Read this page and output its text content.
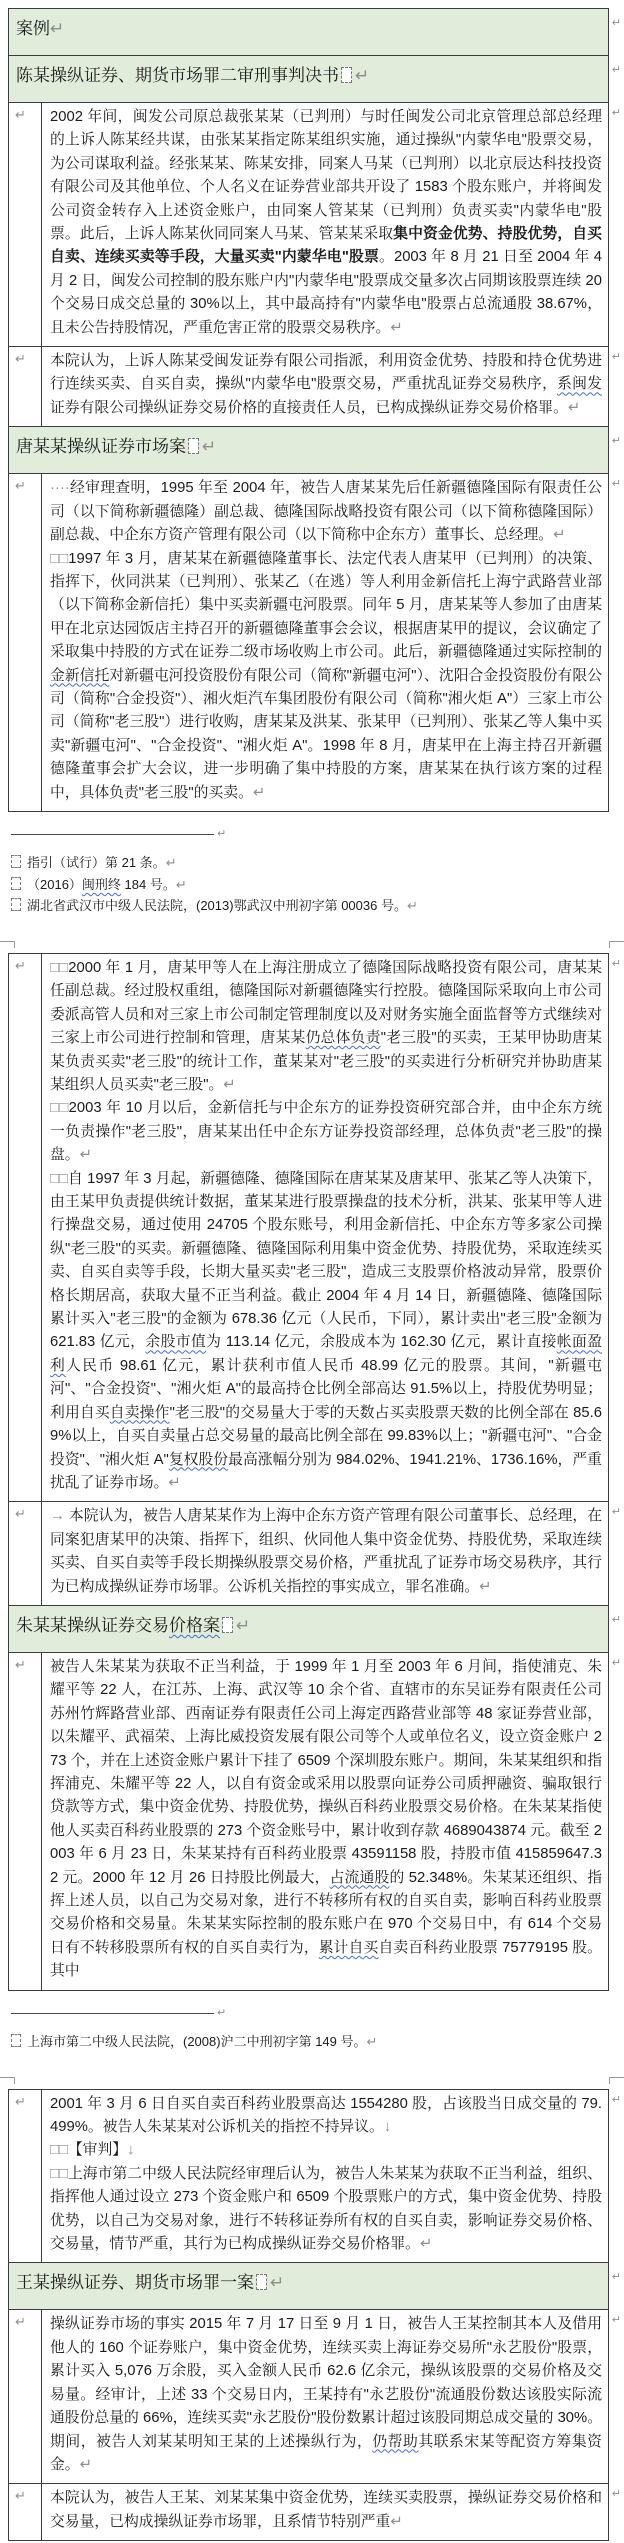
案例↵	↵
陈某操纵证券、期货市场罪二审刑事判决书 ↵	↵
↵	2002 年间，闽发公司原总裁张某某（已判刑）与时任闽发公司北京管理总部总经理的上诉人陈某经共谋，由张某某指定陈某组织实施，通过操纵"内蒙华电"股票交易，为公司谋取利益。经张某某、陈某安排，同案人马某（已判刑）以北京辰达科技投资有限公司及其他单位、个人名义在证券营业部共开设了 1583 个股东账户，并将闽发公司资金转存入上述资金账户，由同案人管某某（已判刑）负责买卖"内蒙华电"股票。此后，上诉人陈某伙同同案人马某、管某某采取集中资金优势、持股优势，自买自卖、连续买卖等手段，大量买卖"内蒙华电"股票。2003 年 8 月 21 日至 2004 年 4 月 2 日，闽发公司控制的股东账户内"内蒙华电"股票成交量多次占同期该股票连续 20 个交易日成交总量的 30%以上，其中最高持有"内蒙华电"股票占总流通股 38.67%，且未公告持股情况，严重危害正常的股票交易秩序。↵
↵
↵	本院认为，上诉人陈某受闽发证券有限公司指派，利用资金优势、持股和持仓优势进行连续买卖、自买自卖，操纵"内蒙华电"股票交易，严重扰乱证券交易秩序，系闽发证券有限公司操纵证券交易价格的直接责任人员，已构成操纵证券交易价格罪。↵
↵
唐某某操纵证券市场案 ↵	↵
↵	····经审理查明，1995 年至 2004 年，被告人唐某某先后任新疆德隆国际有限责任公司（以下简称新疆德隆）副总裁、德隆国际战略投资有限公司（以下简称德隆国际）副总裁、中企东方资产管理有限公司（以下简称中企东方）董事长、总经理。↵
□□1997 年 3 月，唐某某在新疆德隆董事长、法定代表人唐某甲（已判刑）的决策、指挥下，伙同洪某（已判刑）、张某乙（在逃）等人利用金新信托上海宁武路营业部（以下简称金新信托）集中买卖新疆屯河股票。同年 5 月，唐某某等人参加了由唐某甲在北京达园饭店主持召开的新疆德隆董事会会议，根据唐某甲的提议，会议确定了采取集中持股的方式在证券二级市场收购上市公司。此后，新疆德隆通过实际控制的金新信托对新疆屯河投资股份有限公司（简称"新疆屯河"）、沈阳合金投资股份有限公司（简称"合金投资"）、湘火炬汽车集团股份有限公司（简称"湘火炬 A"）三家上市公司（简称"老三股"）进行收购，唐某某及洪某、张某甲（已判刑）、张某乙等人集中买卖"新疆屯河"、"合金投资"、"湘火炬 A"。1998 年 8 月，唐某甲在上海主持召开新疆德隆董事会扩大会议，进一步明确了集中持股的方案，唐某某在执行该方案的过程中，具体负责"老三股"的买卖。↵
↵
↵
指引（试行）第 21 条。↵
（2016）闽刑终 184 号。↵
湖北省武汉市中级人民法院，(2013)鄂武汉中刑初字第 00036 号。↵
↵	□□2000 年 1 月，唐某甲等人在上海注册成立了德隆国际战略投资有限公司，唐某某任副总裁。经过股权重组，德隆国际对新疆德隆实行控股。德隆国际采取向上市公司委派高管人员和对三家上市公司制定管理制度以及对财务实施全面监督等方式继续对三家上市公司进行控制和管理，唐某某仍总体负责"老三股"的买卖，王某甲协助唐某某负责买卖"老三股"的统计工作，董某某对"老三股"的买卖进行分析研究并协助唐某某组织人员买卖"老三股"。↵
□□2003 年 10 月以后，金新信托与中企东方的证券投资研究部合并，由中企东方统一负责操作"老三股"，唐某某出任中企东方证券投资部经理，总体负责"老三股"的操盘。↵
□□自 1997 年 3 月起，新疆德隆、德隆国际在唐某某及唐某甲、张某乙等人决策下，由王某甲负责提供统计数据，董某某进行股票操盘的技术分析，洪某、张某甲等人进行操盘交易，通过使用 24705 个股东账号，利用金新信托、中企东方等多家公司操纵"老三股"的买卖。新疆德隆、德隆国际利用集中资金优势、持股优势，采取连续买卖、自买自卖等手段，长期大量买卖"老三股"，造成三支股票价格波动异常，股票价格长期居高，获取大量不正当利益。截止 2004 年 4 月 14 日，新疆德隆、德隆国际累计买入"老三股"的金额为 678.36 亿元（人民币，下同），累计卖出"老三股"金额为 621.83 亿元，余股市值为 113.14 亿元，余股成本为 162.30 亿元，累计直接帐面盈利人民币 98.61 亿元，累计获利市值人民币 48.99 亿元的股票。其间，"新疆屯河"、"合金投资"、"湘火炬 A"的最高持仓比例全部高达 91.5%以上，持股优势明显；利用自买自卖操作"老三股"的交易量大于零的天数占买卖股票天数的比例全部在 85.69%以上，自买自卖量占总交易量的最高比例全部在 99.83%以上；"新疆屯河"、"合金投资"、"湘火炬 A"复权股份最高涨幅分别为 984.02%、1941.21%、1736.16%，严重扰乱了证券市场。↵
↵
↵	→ 本院认为，被告人唐某某作为上海中企东方资产管理有限公司董事长、总经理，在同案犯唐某甲的决策、指挥下，组织、伙同他人集中资金优势、持股优势，采取连续买卖、自买自卖等手段长期操纵股票交易价格，严重扰乱了证券市场交易秩序，其行为已构成操纵证券市场罪。公诉机关指控的事实成立，罪名准确。↵
↵
朱某某操纵证券交易价格案 ↵	↵
↵	被告人朱某某为获取不正当利益，于 1999 年 1 月至 2003 年 6 月间，指使浦克、朱耀平等 22 人，在江苏、上海、武汉等 10 余个省、直辖市的东吴证券有限责任公司苏州竹辉路营业部、西南证券有限责任公司上海定西路营业部等 48 家证券营业部，以朱耀平、武福荣、上海比威投资发展有限公司等个人或单位名义，设立资金账户 273 个，并在上述资金账户累计下挂了 6509 个深圳股东账户。期间，朱某某组织和指挥浦克、朱耀平等 22 人，以自有资金或采用以股票向证券公司质押融资、骗取银行贷款等方式，集中资金优势、持股优势，操纵百科药业股票交易价格。在朱某某指使他人买卖百科药业股票的 273 个资金账号中，累计收到存款 4689043874 元。截至 2003 年 6 月 23 日，朱某某持有百科药业股票 43591158 股，持股市值 415859647.32 元。2000 年 12 月 26 日持股比例最大，占流通股的 52.348%。朱某某还组织、指挥上述人员，以自己为交易对象，进行不转移所有权的自买自卖，影响百科药业股票交易价格和交易量。朱某某实际控制的股东账户在 970 个交易日中，有 614 个交易日有不转移股票所有权的自买自卖行为，累计自买自卖百科药业股票 75779195 股。其中
↵
↵
上海市第二中级人民法院，(2008)沪二中刑初字第 149 号。↵
↵	2001 年 3 月 6 日自买自卖百科药业股票高达 1554280 股，占该股当日成交量的 79.499%。被告人朱某某对公诉机关的指控不持异议。↓
□□【审判】↓
□□上海市第二中级人民法院经审理后认为，被告人朱某某为获取不正当利益，组织、指挥他人通过设立 273 个资金账户和 6509 个股票账户的方式，集中资金优势、持股优势，以自己为交易对象，进行不转移证券所有权的自买自卖，影响证券交易价格、交易量，情节严重，其行为已构成操纵证券交易价格罪。↵
↵
王某操纵证券、期货市场罪一案 ↵	↵
↵	操纵证券市场的事实 2015 年 7 月 17 日至 9 月 1 日，被告人王某控制其本人及借用他人的 160 个证券账户，集中资金优势，连续买卖上海证券交易所"永艺股份"股票，累计买入 5,076 万余股，买入金额人民币 62.6 亿余元，操纵该股票的交易价格及交易量。经审计，上述 33 个交易日内，王某持有"永艺股份"流通股份数达该股实际流通股份总量的 66%，连续买卖"永艺股份"股份数累计超过该股同期总成交量的 30%。期间，被告人刘某某明知王某的上述操纵行为，仍帮助其联系宋某等配资方筹集资金。↵
↵
↵	本院认为，被告人王某、刘某某集中资金优势，连续买卖股票，操纵证券交易价格和交易量，已构成操纵证券市场罪，且系情节特别严重↵
↵
